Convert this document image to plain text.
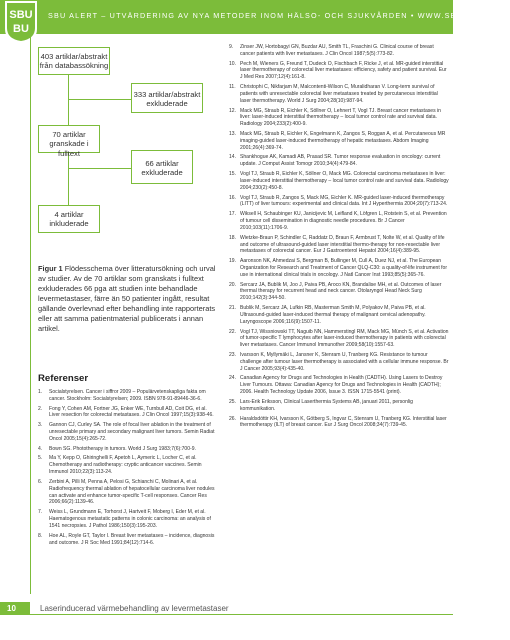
SBU
BU
SBU ALERT – UTVÄRDERING AV NYA METODER INOM HÄLSO- OCH SJUKVÅRDEN • WWW.SBU.SE/ALERT
403 artiklar/abstrakt
från databassökning
333 artiklar/abstrakt
exkluderade
70 artiklar
granskade i fulltext
66 artiklar
exkluderade
4 artiklar
inkluderade
Figur 1 Flödesschema över litteratursökning och urval av studier. Av de 70 artiklar som granskats i fulltext exkluderades 66 pga att studien inte behandlade levermetastaser, färre än 50 patienter ingått, resultat gällande överlevnad efter behandling inte rapporterats eller att samma patientmaterial publicerats i annan artikel.
Referenser
1.	Socialstyrelsen. Cancer i siffror 2009 – Populärvetenskapliga fakta om cancer. Stockholm: Socialstyrelsen; 2009. ISBN 978-91-89446-36-6.
2.	Fong Y, Cohen AM, Fortner JG, Enker WE, Turnbull AD, Coit DG, et al. Liver resection for colorectal metastases. J Clin Oncol 1997;15(3):938-46.
3.	Gannon CJ, Curley SA. The role of focal liver ablation in the treatment of unresectable primary and secondary malignant liver tumors. Semin Radiat Oncol 2005;15(4):265-72.
4.	Bown SG. Phototherapy in tumors. World J Surg 1983;7(6):700-9.
5.	Ma Y, Kepp O, Ghiringhelli F, Apetoh L, Aymeric L, Locher C, et al. Chemotherapy and radiotherapy: cryptic anticancer vaccines. Semin Immunol 2010;22(3):113-24.
6.	Zerbini A, Pilli M, Penna A, Pelosi G, Schianchi C, Molinari A, et al. Radiofrequency thermal ablation of hepatocellular carcinoma liver nodules can activate and enhance tumor-specific T-cell responses. Cancer Res 2006;66(2):1139-46.
7.	Weiss L, Grundmann E, Torhorst J, Hartveit F, Moberg I, Eder M, et al. Haematogenous metastatic patterns in colonic carcinoma: an analysis of 1541 necropsies. J Pathol 1986;150(3):195-203.
8.	Hoe AL, Royle GT, Taylor I. Breast liver metastases – incidence, diagnosis and outcome. J R Soc Med 1991;84(12):714-6.
9.	Zinser JW, Hortobagyi GN, Buzdar AU, Smith TL, Fraschini G. Clinical course of breast cancer patients with liver metastases. J Clin Oncol 1987;5(5):773-82.
10. Pech M, Wieners G, Freund T, Dudeck O, Fischbach F, Ricke J, et al. MR-guided interstitial laser thermotherapy of colorectal liver metastases: efficiency, safety and patient survival. Eur J Med Res 2007;12(4):161-8.
11. Christophi C, Nikfarjam M, Malcontenti-Wilson C, Muralidharan V. Long-term survival of patients with unresectable colorectal liver metastases treated by percutaneous interstitial laser thermotherapy. World J Surg 2004;28(10):987-94.
12. Mack MG, Straub R, Eichler K, Söllner O, Lehnert T, Vogl TJ. Breast cancer metastases in liver: laser-induced interstitial thermotherapy – local tumor control rate and survival data. Radiology 2004;233(2):400-9.
13. Mack MG, Straub R, Eichler K, Engelmann K, Zangos S, Roggan A, et al. Percutaneous MR imaging-guided laser-induced thermotherapy of hepatic metastases. Abdom Imaging 2001;26(4):369-74.
14. Shankhogue AK, Kamadi AB, Prasad SR. Tumor response evaluation in oncology: current update. J Comput Assist Tomogr 2010;34(4):479-84.
15. Vogl TJ, Straub R, Eichler K, Söllner O, Mack MG. Colorectal carcinoma metastases in liver: laser-induced interstitial thermotherapy – local tumor control rate and survival data. Radiology 2004;230(2):450-8.
16. Vogl TJ, Straub R, Zangos S, Mack MG, Eichler K. MR-guided laser-induced thermotherapy (LITT) of liver tumours: experimental and clinical data. Int J Hyperthermia 2004;20(7):713-24.
17. Wiksell H, Schaubinger KU, Janicijevic M, Leifland K, Löfgren L, Rotstein S, et al. Prevention of tumour cell dissemination in diagnostic needle procedures. Br J Cancer 2010;103(11):1706-9.
18. Wietzke-Braun P, Schindler C, Raddatz D, Braun F, Armbrust T, Nolte W, et al. Quality of life and outcome of ultrasound-guided laser interstitial thermo-therapy for non-resectable liver metastases of colorectal cancer. Eur J Gastroenterol Hepatol 2004;16(4):389-95.
19. Aaronson NK, Ahmedzai S, Bergman B, Bullinger M, Cull A, Duez NJ, et al. The European Organization for Research and Treatment of Cancer QLQ-C30: a quality-of-life instrument for use in international clinical trials in oncology. J Natl Cancer Inst 1993;85(5):365-76.
20. Sercarz JA, Bublik M, Joo J, Paiva PB, Aroco KN, Brandalise MH, et al. Outcomes of laser thermal therapy for recurrent head and neck cancer. Otolaryngol Head Neck Surg 2010;142(3):344-50.
21. Bublik M, Sercarz JA, Lufkin RB, Masterman Smith M, Polyakov M, Paiva PB, et al. Ultrasound-guided laser-induced thermal therapy of malignant cervical adenopathy. Laryngoscope 2006;116(9):1507-11.
22. Vogl TJ, Wissniowski TT, Naguib NN, Hammerstingl RM, Mack MG, Münch S, et al. Activation of tumor-specific T lymphocytes after laser-induced thermotherapy in patients with colorectal liver metastases. Cancer Immunol Immunother 2009;58(10):1557-63.
23. Ivarsson K, Myllymäki L, Jansner K, Stenram U, Tranberg KG. Resistance to tumour challenge after tumour laser thermotherapy is associated with a cellular immune response. Br J Cancer 2005;93(4):435-40.
24. Canadian Agency for Drugs and Technologies in Health (CADTH). Using Lasers to Destroy Liver Tumours. Ottawa: Canadian Agency for Drugs and Technologies in Health (CADTH); 2006. Health Technology Update 2006, Issue 3. ISSN 1715-5541 (print).
25. Lars-Erik Eriksson, Clinical Laserthermia Systems AB, januari 2011, personlig kommunikation.
26. Haraldsdóttir KH, Ivarsson K, Götberg S, Ingvar C, Stenram U, Tranberg KG. Interstitial laser thermotherapy (ILT) of breast cancer. Eur J Surg Oncol 2008;34(7):739-45.
10	Laserinducerad värmebehandling av levermetastaser
